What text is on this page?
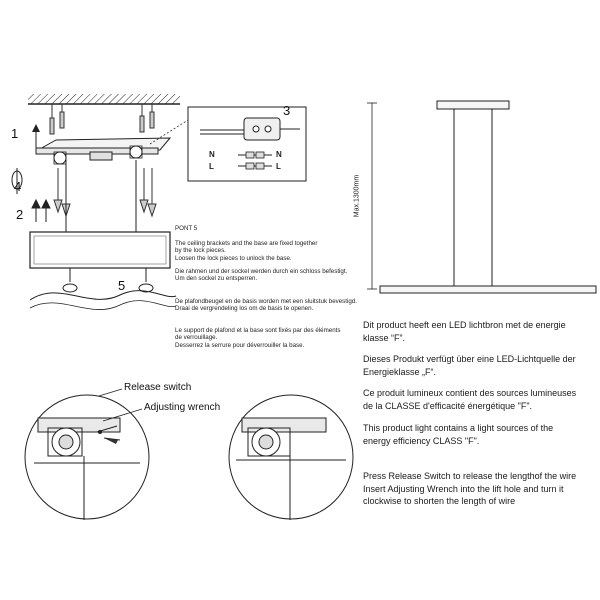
1
3
4
2
5
N
L
N
L
Max.1300mm
PONT 5
The ceiling brackets and the base are fixed together
by the lock pieces.
Loosen the lock pieces to unlock the base.
Die rahmen und der sockel werden durch ein schloss befestigt.
Um den sockel zu entsperren.
De plafondbeugel en de basis worden met een sluitstuk bevestigd.
Draai de vergrendeling los om de basis te openen.
Le support de plafond et la base sont fixés par des éléments
de verrouillage.
Desserrez la serrure pour déverrouiller la base.
Dit product heeft een LED lichtbron met de energie
klasse “F”.
Dieses Produkt verfügt über eine LED-Lichtquelle der
Energieklasse „F“.
Ce produit lumineux contient des sources lumineuses
de la CLASSE d'efficacité énergétique "F".
This product light contains a light sources of the
energy efficiency CLASS "F".
Press Release Switch to release the lengthof the wire
Insert Adjusting Wrench into the lift hole and turn it
clockwise to shorten the length of wire
Release switch
Adjusting wrench
